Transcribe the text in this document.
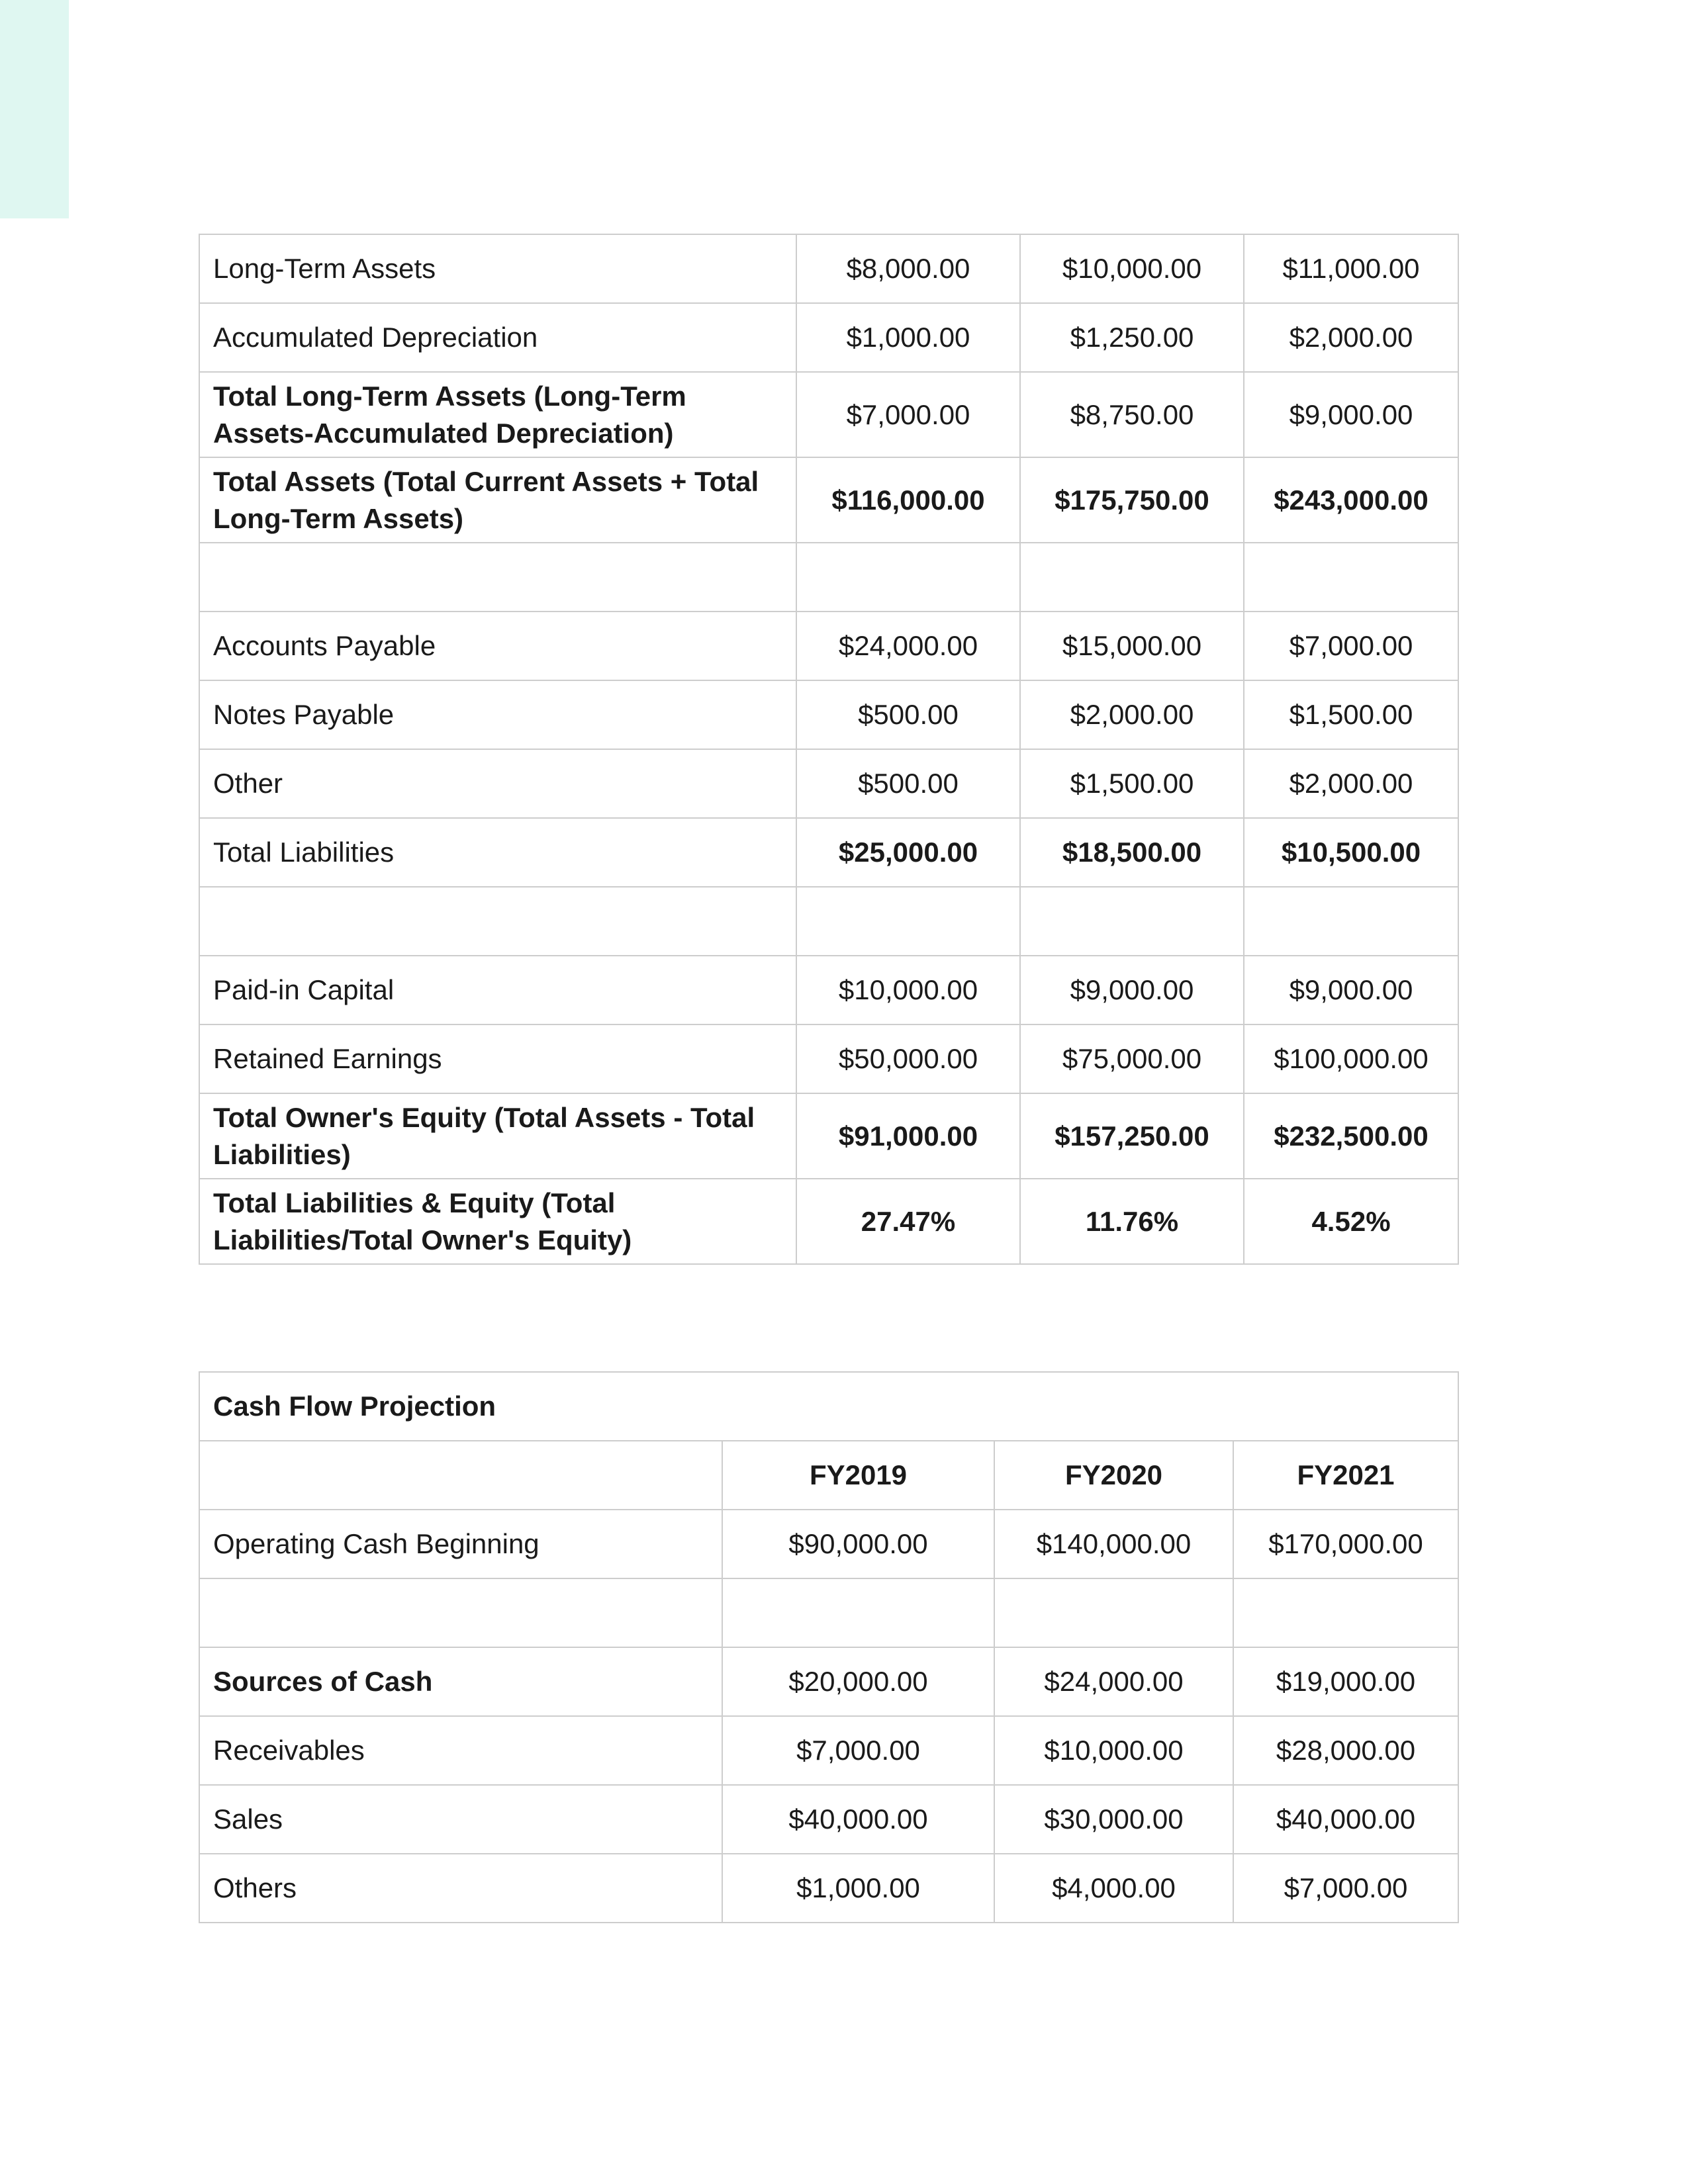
Long-Term Assets	$8,000.00	$10,000.00	$11,000.00
Accumulated Depreciation	$1,000.00	$1,250.00	$2,000.00
Total Long-Term Assets (Long-Term Assets-Accumulated Depreciation)	$7,000.00	$8,750.00	$9,000.00
Total Assets (Total Current Assets + Total Long-Term Assets)	$116,000.00	$175,750.00	$243,000.00

Accounts Payable	$24,000.00	$15,000.00	$7,000.00
Notes Payable	$500.00	$2,000.00	$1,500.00
Other	$500.00	$1,500.00	$2,000.00
Total Liabilities	$25,000.00	$18,500.00	$10,500.00

Paid-in Capital	$10,000.00	$9,000.00	$9,000.00
Retained Earnings	$50,000.00	$75,000.00	$100,000.00
Total Owner's Equity (Total Assets - Total Liabilities)	$91,000.00	$157,250.00	$232,500.00
Total Liabilities & Equity (Total Liabilities/Total Owner's Equity)	27.47%	11.76%	4.52%
Cash Flow Projection			
	FY2019	FY2020	FY2021
Operating Cash Beginning	$90,000.00	$140,000.00	$170,000.00

Sources of Cash	$20,000.00	$24,000.00	$19,000.00
Receivables	$7,000.00	$10,000.00	$28,000.00
Sales	$40,000.00	$30,000.00	$40,000.00
Others	$1,000.00	$4,000.00	$7,000.00
